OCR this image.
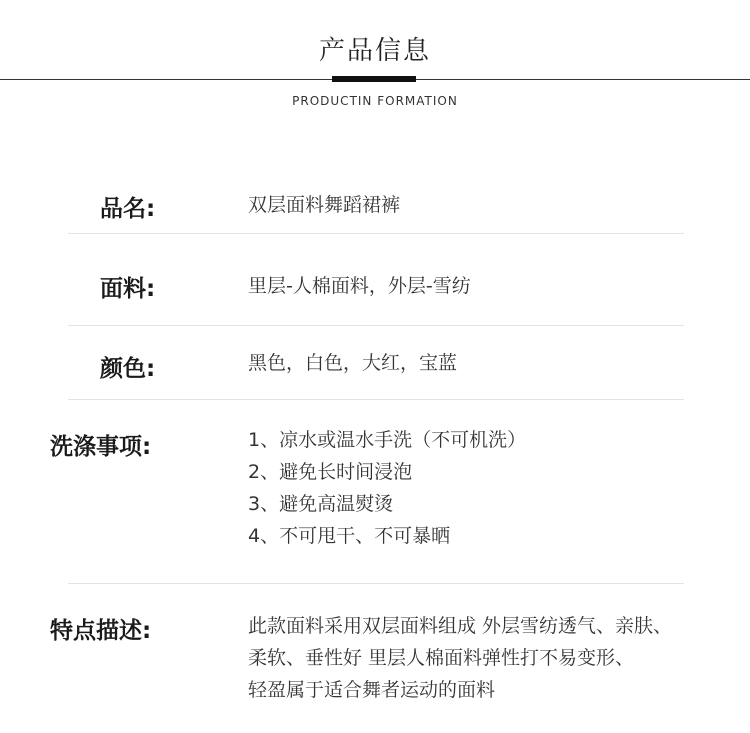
产品信息
PRODUCTIN FORMATION
品名:	双层面料舞蹈裙裤
面料:	里层-人棉面料，外层-雪纺
颜色:	黑色，白色，大红，宝蓝
洗涤事项:	1、凉水或温水手洗（不可机洗）
2、避免长时间浸泡
3、避免高温熨烫
4、不可甩干、不可暴晒
特点描述:	此款面料采用双层面料组成 外层雪纺透气、亲肤、
柔软、垂性好 里层人棉面料弹性打不易变形、
轻盈属于适合舞者运动的面料
